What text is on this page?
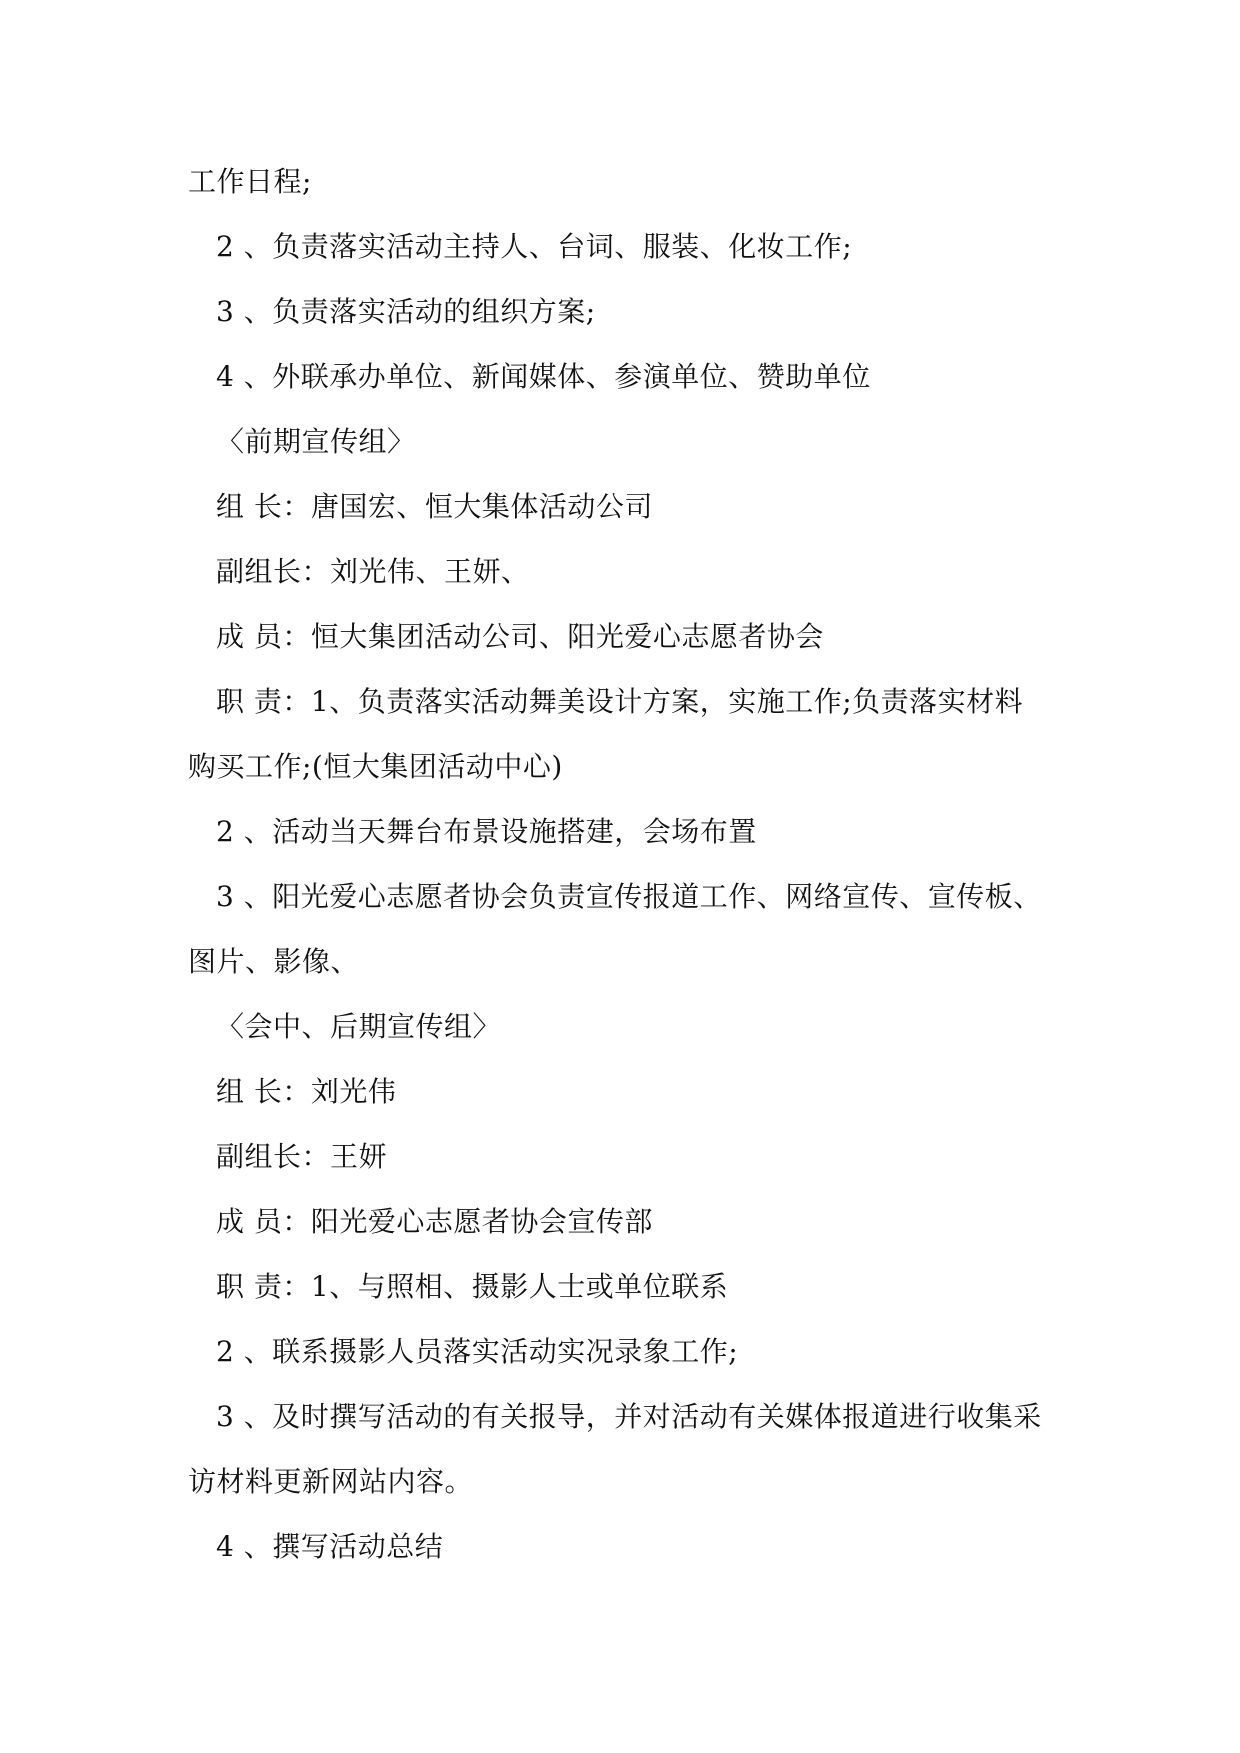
工作日程;
2 、负责落实活动主持人、台词、服装、化妆工作;
3 、负责落实活动的组织方案;
4 、外联承办单位、新闻媒体、参演单位、赞助单位
〈前期宣传组〉
组 长：唐国宏、恒大集体活动公司
副组长：刘光伟、王妍、
成 员：恒大集团活动公司、阳光爱心志愿者协会
职 责：1、负责落实活动舞美设计方案，实施工作;负责落实材料
购买工作;(恒大集团活动中心)
2 、活动当天舞台布景设施搭建，会场布置
3 、阳光爱心志愿者协会负责宣传报道工作、网络宣传、宣传板、
图片、影像、
〈会中、后期宣传组〉
组 长：刘光伟
副组长：王妍
成 员：阳光爱心志愿者协会宣传部
职 责：1、与照相、摄影人士或单位联系
2 、联系摄影人员落实活动实况录象工作;
3 、及时撰写活动的有关报导，并对活动有关媒体报道进行收集采
访材料更新网站内容。
4 、撰写活动总结
